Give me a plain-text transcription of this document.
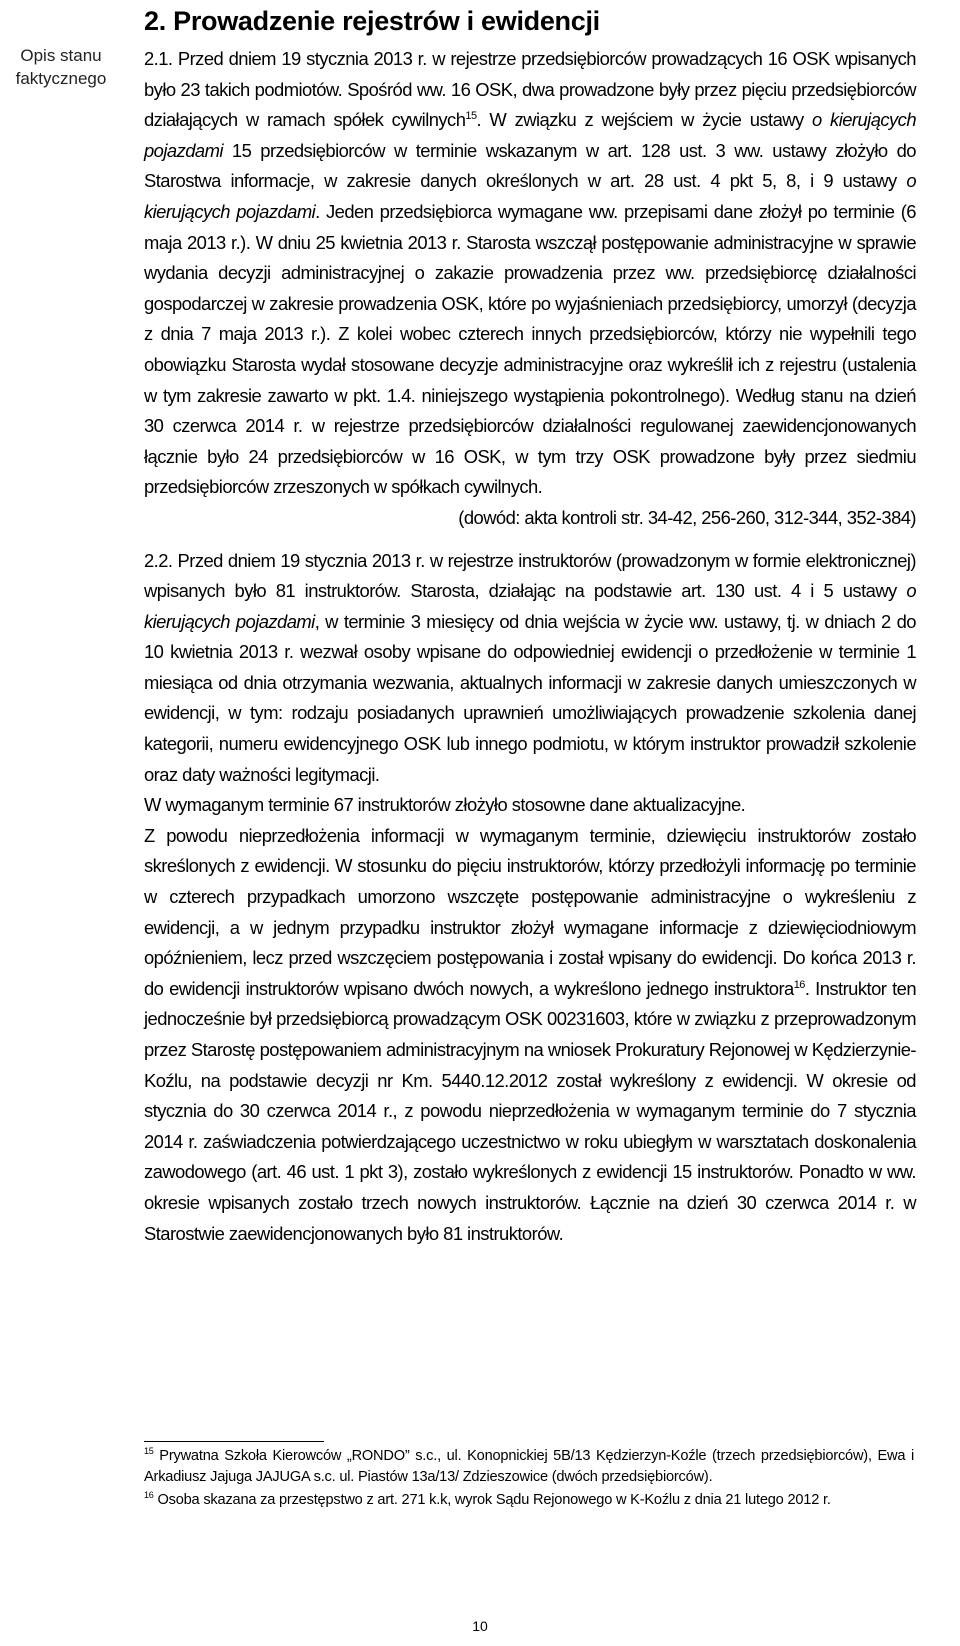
Opis stanu faktycznego
2. Prowadzenie rejestrów i ewidencji

2.1. Przed dniem 19 stycznia 2013 r. w rejestrze przedsiębiorców prowadzących 16 OSK wpisanych było 23 takich podmiotów. Spośród ww. 16 OSK, dwa prowadzone były przez pięciu przedsiębiorców działających w ramach spółek cywilnych$^{15}$. W związku z wejściem w życie ustawy o kierujących pojazdami 15 przedsiębiorców w terminie wskazanym w art. 128 ust. 3 ww. ustawy złożyło do Starostwa informacje, w zakresie danych określonych w art. 28 ust. 4 pkt 5, 8, i 9 ustawy o kierujących pojazdami. Jeden przedsiębiorca wymagane ww. przepisami dane złożył po terminie (6 maja 2013 r.). W dniu 25 kwietnia 2013 r. Starosta wszczął postępowanie administracyjne w sprawie wydania decyzji administracyjnej o zakazie prowadzenia przez ww. przedsiębiorcę działalności gospodarczej w zakresie prowadzenia OSK, które po wyjaśnieniach przedsiębiorcy, umorzył (decyzja z dnia 7 maja 2013 r.). Z kolei wobec czterech innych przedsiębiorców, którzy nie wypełnili tego obowiązku Starosta wydał stosowane decyzje administracyjne oraz wykreślił ich z rejestru (ustalenia w tym zakresie zawarto w pkt. 1.4. niniejszego wystąpienia pokontrolnego). Według stanu na dzień 30 czerwca 2014 r. w rejestrze przedsiębiorców działalności regulowanej zaewidencjonowanych łącznie było 24 przedsiębiorców w 16 OSK, w tym trzy OSK prowadzone były przez siedmiu przedsiębiorców zrzeszonych w spółkach cywilnych.

(dowód: akta kontroli str. 34-42, 256-260, 312-344, 352-384)

2.2. Przed dniem 19 stycznia 2013 r. w rejestrze instruktorów (prowadzonym w formie elektronicznej) wpisanych było 81 instruktorów. Starosta, działając na podstawie art. 130 ust. 4 i 5 ustawy o kierujących pojazdami, w terminie 3 miesięcy od dnia wejścia w życie ww. ustawy, tj. w dniach 2 do 10 kwietnia 2013 r. wezwał osoby wpisane do odpowiedniej ewidencji o przedłożenie w terminie 1 miesiąca od dnia otrzymania wezwania, aktualnych informacji w zakresie danych umieszczonych w ewidencji, w tym: rodzaju posiadanych uprawnień umożliwiających prowadzenie szkolenia danej kategorii, numeru ewidencyjnego OSK lub innego podmiotu, w którym instruktor prowadził szkolenie oraz daty ważności legitymacji.

W wymaganym terminie 67 instruktorów złożyło stosowne dane aktualizacyjne.

Z powodu nieprzedłożenia informacji w wymaganym terminie, dziewięciu instruktorów zostało skreślonych z ewidencji. W stosunku do pięciu instruktorów, którzy przedłożyli informację po terminie w czterech przypadkach umorzono wszczęte postępowanie administracyjne o wykreśleniu z ewidencji, a w jednym przypadku instruktor złożył wymagane informacje z dziewięciodniowym opóźnieniem, lecz przed wszczęciem postępowania i został wpisany do ewidencji. Do końca 2013 r. do ewidencji instruktorów wpisano dwóch nowych, a wykreślono jednego instruktora$^{16}$. Instruktor ten jednocześnie był przedsiębiorcą prowadzącym OSK 00231603, które w związku z przeprowadzonym przez Starostę postępowaniem administracyjnym na wniosek Prokuratury Rejonowej w Kędzierzynie-Koźlu, na podstawie decyzji nr Km. 5440.12.2012 został wykreślony z ewidencji. W okresie od stycznia do 30 czerwca 2014 r., z powodu nieprzedłożenia w wymaganym terminie do 7 stycznia 2014 r. zaświadczenia potwierdzającego uczestnictwo w roku ubiegłym w warsztatach doskonalenia zawodowego (art. 46 ust. 1 pkt 3), zostało wykreślonych z ewidencji 15 instruktorów. Ponadto w ww. okresie wpisanych zostało trzech nowych instruktorów. Łącznie na dzień 30 czerwca 2014 r. w Starostwie zaewidencjonowanych było 81 instruktorów.

$^{15}$ Prywatna Szkoła Kierowców „RONDO” s.c., ul. Konopnickiej 5B/13 Kędzierzyn-Koźle (trzech przedsiębiorców), Ewa i Arkadiusz Jajuga JAJUGA s.c. ul. Piastów 13a/13/ Zdzieszowice (dwóch przedsiębiorców).

$^{16}$ Osoba skazana za przestępstwo z art. 271 k.k, wyrok Sądu Rejonowego w K-Koźlu z dnia 21 lutego 2012 r.

10
